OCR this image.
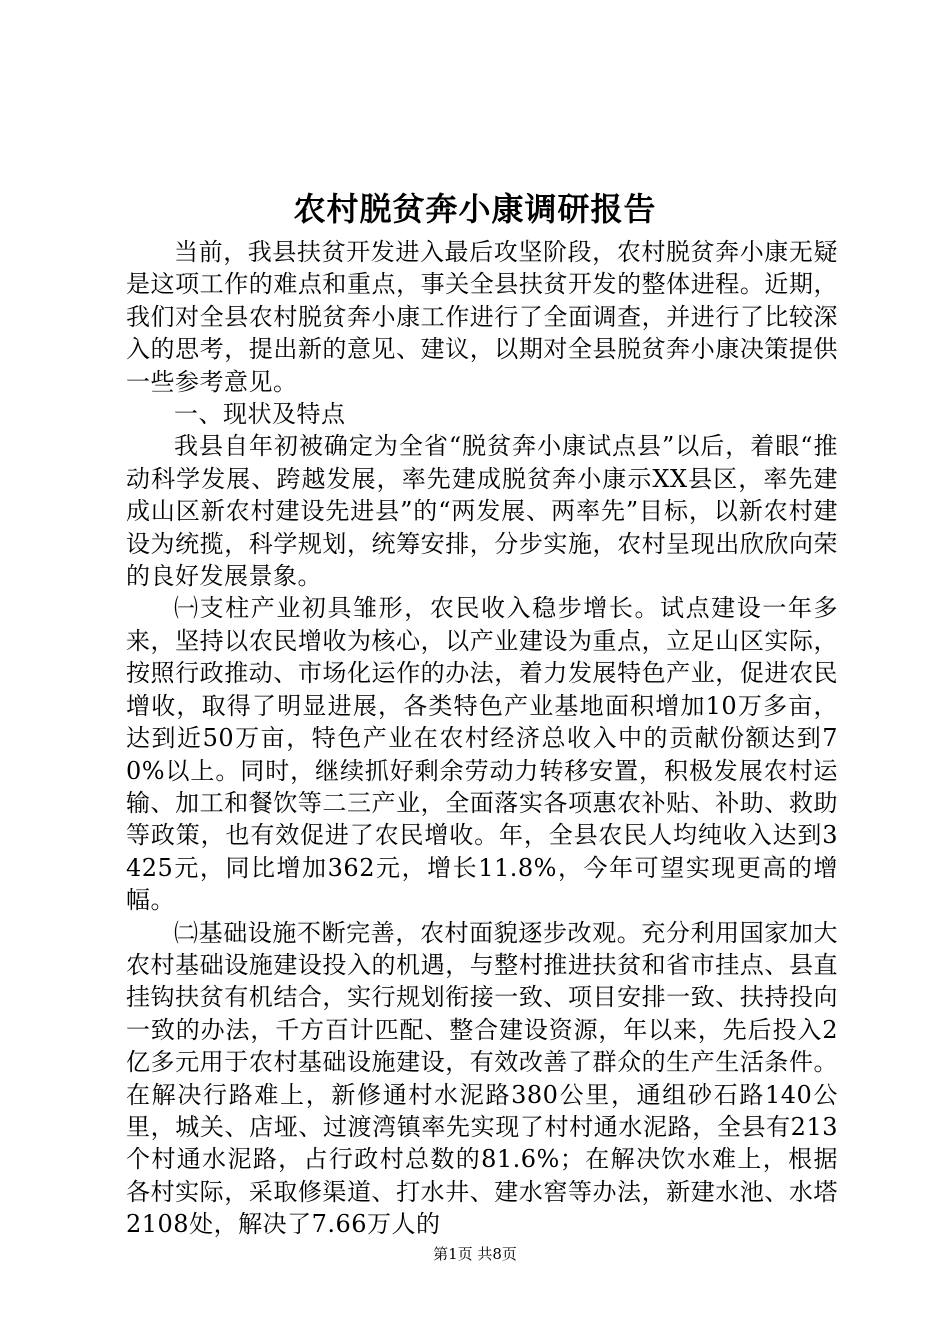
农村脱贫奔小康调研报告

当前，我县扶贫开发进入最后攻坚阶段，农村脱贫奔小康无疑是这项工作的难点和重点，事关全县扶贫开发的整体进程。近期，我们对全县农村脱贫奔小康工作进行了全面调查，并进行了比较深入的思考，提出新的意见、建议，以期对全县脱贫奔小康决策提供一些参考意见。

一、现状及特点

我县自年初被确定为全省“脱贫奔小康试点县”以后，着眼“推动科学发展、跨越发展，率先建成脱贫奔小康示XX县区，率先建成山区新农村建设先进县”的“两发展、两率先”目标，以新农村建设为统揽，科学规划，统筹安排，分步实施，农村呈现出欣欣向荣的良好发展景象。

㈠支柱产业初具雏形，农民收入稳步增长。试点建设一年多来，坚持以农民增收为核心，以产业建设为重点，立足山区实际，按照行政推动、市场化运作的办法，着力发展特色产业，促进农民增收，取得了明显进展，各类特色产业基地面积增加10万多亩，达到近50万亩，特色产业在农村经济总收入中的贡献份额达到70%以上。同时，继续抓好剩余劳动力转移安置，积极发展农村运输、加工和餐饮等二三产业，全面落实各项惠农补贴、补助、救助等政策，也有效促进了农民增收。年，全县农民人均纯收入达到3425元，同比增加362元，增长11.8%，今年可望实现更高的增幅。

㈡基础设施不断完善，农村面貌逐步改观。充分利用国家加大农村基础设施建设投入的机遇，与整村推进扶贫和省市挂点、县直挂钩扶贫有机结合，实行规划衔接一致、项目安排一致、扶持投向一致的办法，千方百计匹配、整合建设资源，年以来，先后投入2亿多元用于农村基础设施建设，有效改善了群众的生产生活条件。在解决行路难上，新修通村水泥路380公里，通组砂石路140公里，城关、店垭、过渡湾镇率先实现了村村通水泥路，全县有213个村通水泥路，占行政村总数的81.6%；在解决饮水难上，根据各村实际，采取修渠道、打水井、建水窖等办法，新建水池、水塔2108处，解决了7.66万人的

第1页 共8页
